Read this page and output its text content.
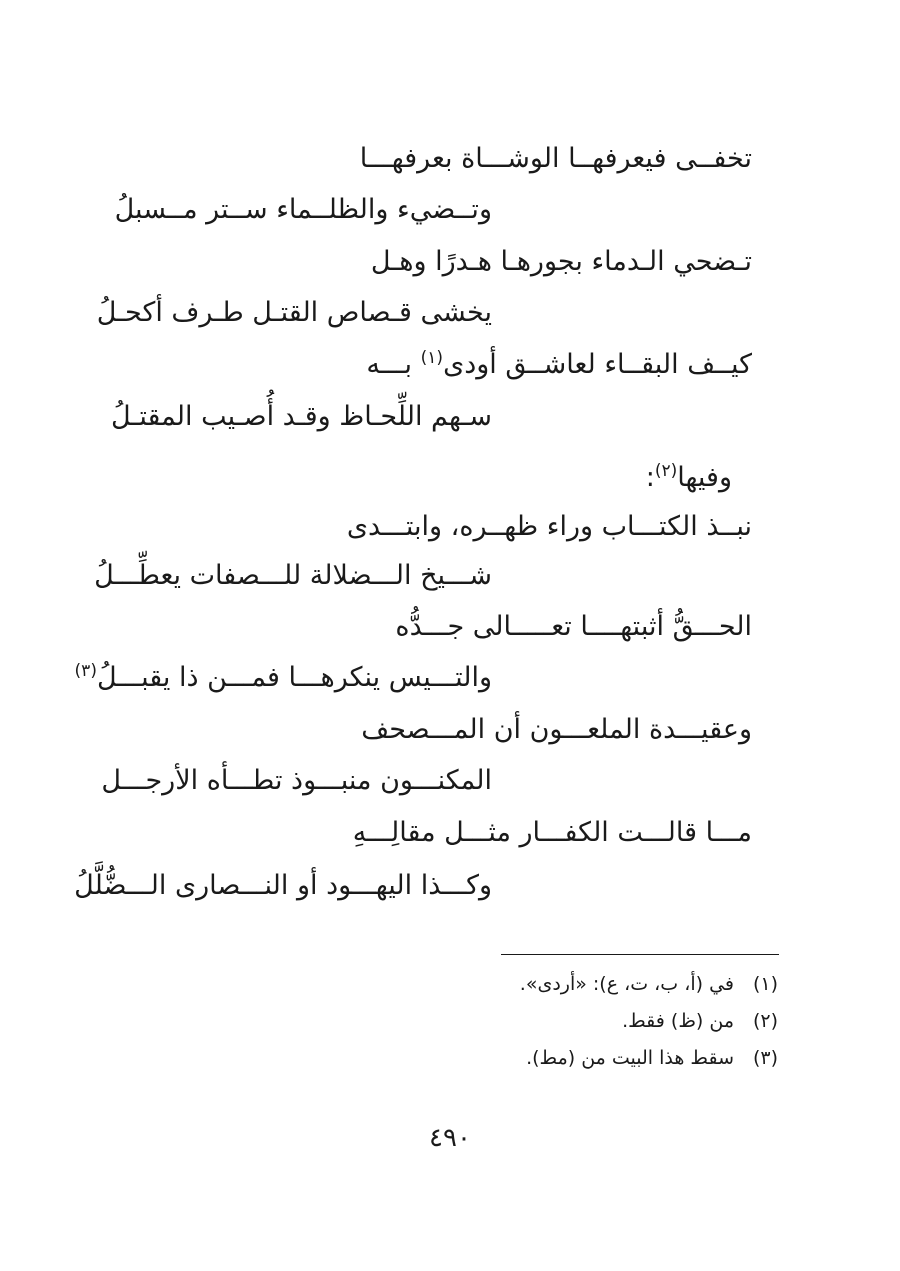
تخفــى فيعرفهــا الوشـــاة بعرفهـــا
وتــضيء والظلــماء ســتر مــسبلُ
تـضحي الـدماء بجورهـا هـدرًا وهـل
يخشى قـصاص القتـل طـرف أكحـلُ
كيــف البقــاء لعاشــق أودى$^{(١)}$ بـــه
سـهم اللِّحـاظ وقـد أُصـيب المقتـلُ
وفيها$^{(٢)}$:
نبــذ الكتـــاب وراء ظهــره، وابتـــدى
شـــيخ الـــضلالة للـــصفات يعطِّـــلُ
الحـــقُّ أثبتهــــا تعـــــالى جـــدُّه
والتـــيس ينكرهـــا فمـــن ذا يقبـــلُ$^{(٣)}$
وعقيـــدة الملعـــون أن المـــصحف
المكنـــون منبـــوذ تطـــأه الأرجـــل
مـــا قالـــت الكفـــار مثـــل مقالِـــهِ
وكـــذا اليهـــود أو النـــصارى الـــضُّلَّلُ
(١)في (أ، ب، ت، ع): «أردى».
(٢)من (ظ) فقط.
(٣)سقط هذا البيت من (مط).
٤٩٠
